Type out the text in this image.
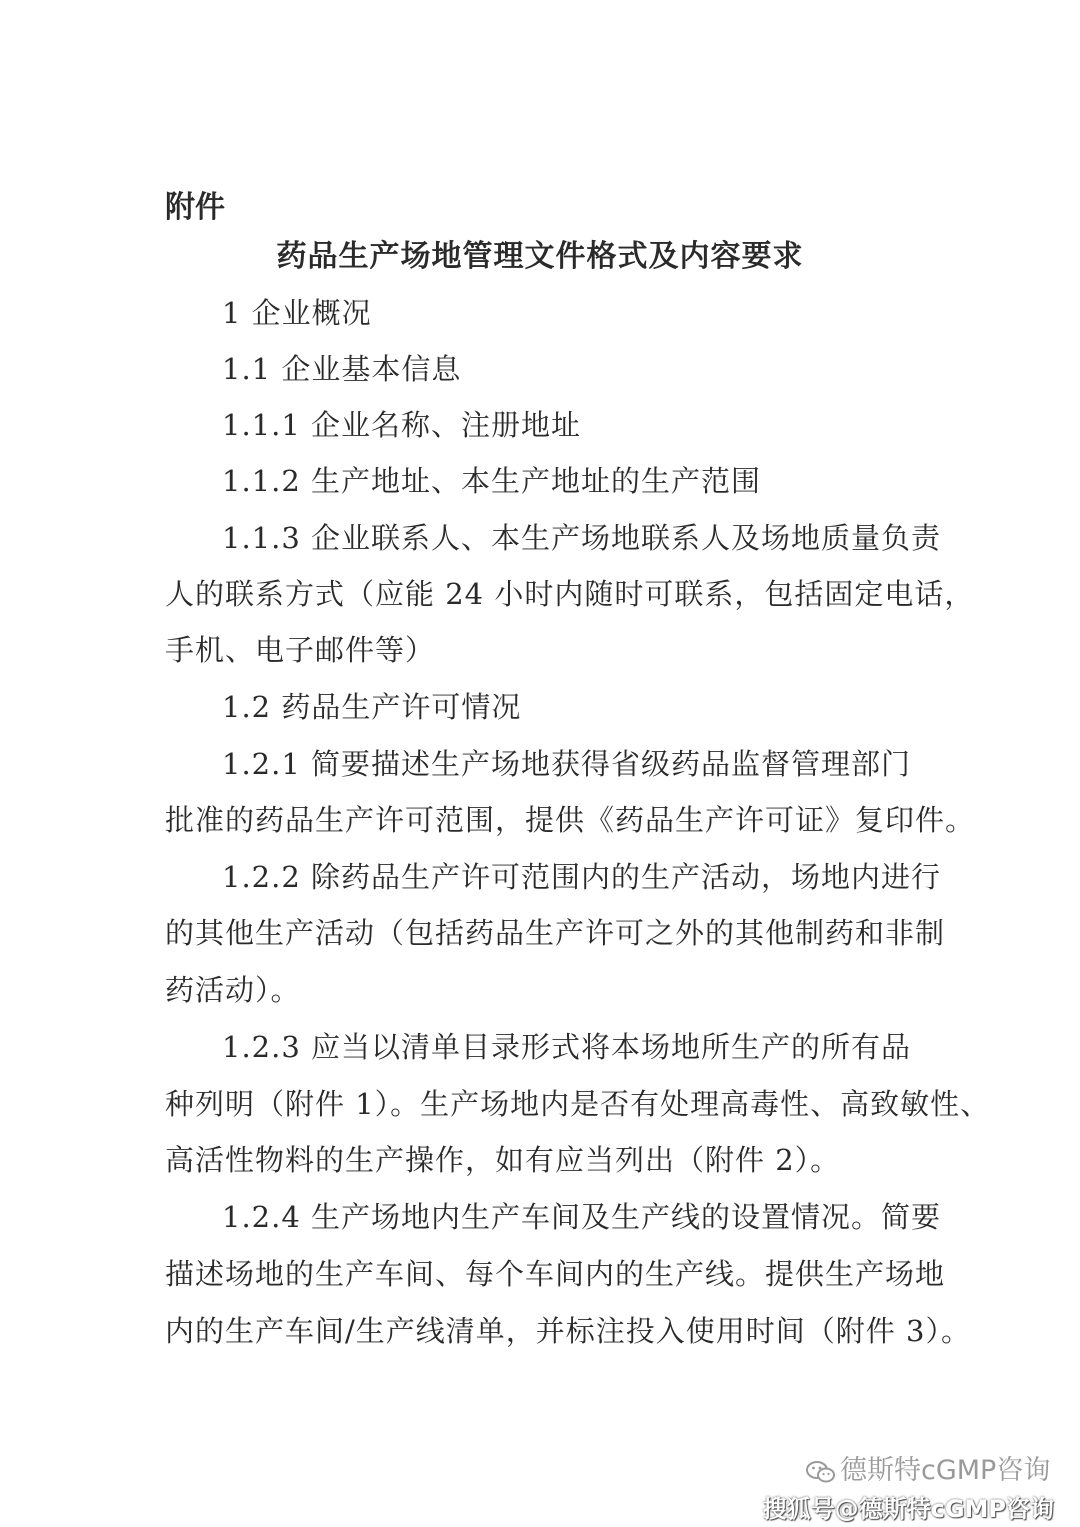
附件
药品生产场地管理文件格式及内容要求
1 企业概况
1.1 企业基本信息
1.1.1 企业名称、注册地址
1.1.2 生产地址、本生产地址的生产范围
1.1.3 企业联系人、本生产场地联系人及场地质量负责
人的联系方式（应能 24 小时内随时可联系，包括固定电话，
手机、电子邮件等）
1.2 药品生产许可情况
1.2.1 简要描述生产场地获得省级药品监督管理部门
批准的药品生产许可范围，提供《药品生产许可证》复印件。
1.2.2 除药品生产许可范围内的生产活动，场地内进行
的其他生产活动（包括药品生产许可之外的其他制药和非制
药活动）。
1.2.3 应当以清单目录形式将本场地所生产的所有品
种列明（附件 1）。生产场地内是否有处理高毒性、高致敏性、
高活性物料的生产操作，如有应当列出（附件 2）。
1.2.4 生产场地内生产车间及生产线的设置情况。简要
描述场地的生产车间、每个车间内的生产线。提供生产场地
内的生产车间/生产线清单，并标注投入使用时间（附件 3）。
德斯特cGMP咨询
搜狐号@德斯特cGMP咨询
